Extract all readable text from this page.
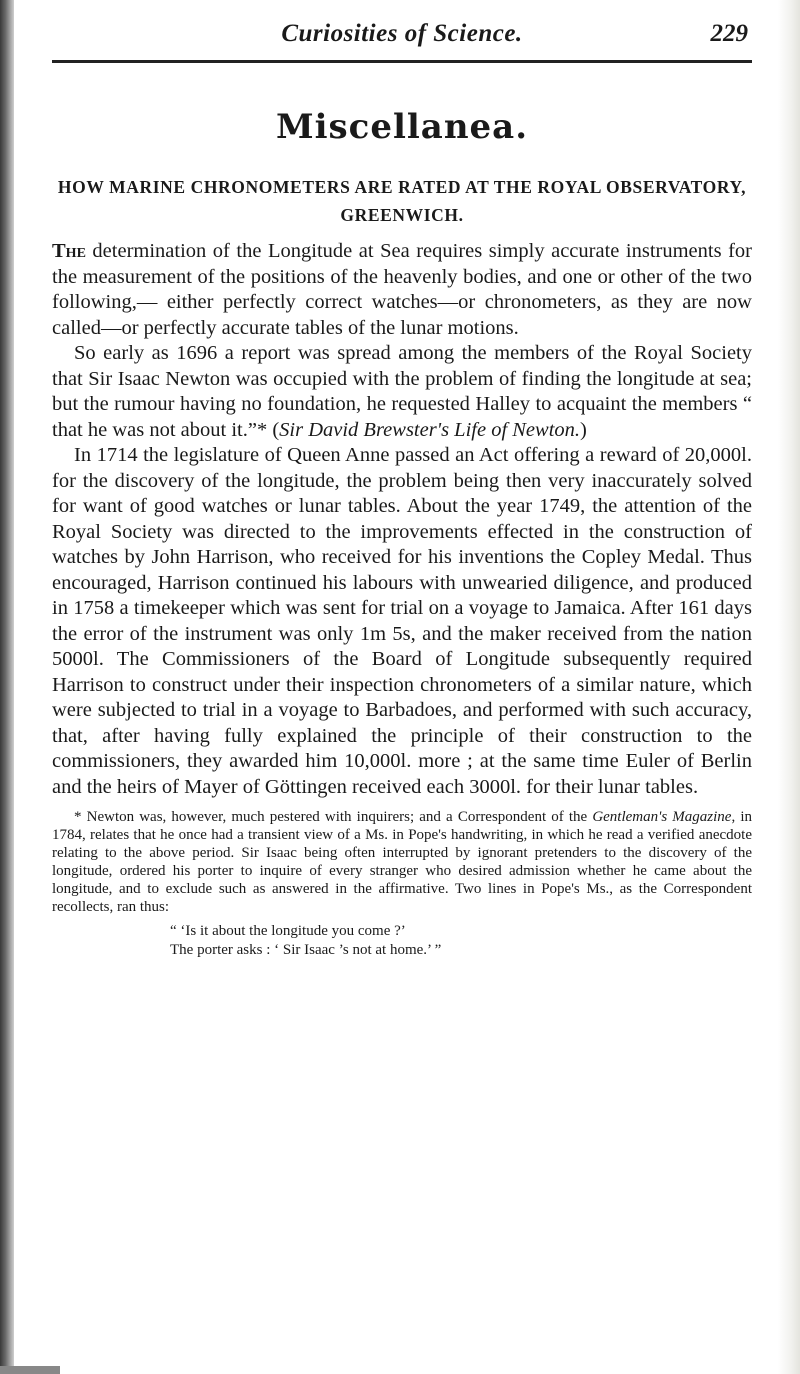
Curiosities of Science.	229
Miscellanea.
HOW MARINE CHRONOMETERS ARE RATED AT THE ROYAL OBSERVATORY, GREENWICH.

The determination of the Longitude at Sea requires simply accurate instruments for the measurement of the positions of the heavenly bodies, and one or other of the two following,— either perfectly correct watches—or chronometers, as they are now called—or perfectly accurate tables of the lunar motions.

So early as 1696 a report was spread among the members of the Royal Society that Sir Isaac Newton was occupied with the problem of finding the longitude at sea; but the rumour having no foundation, he requested Halley to acquaint the members “ that he was not about it.”* (Sir David Brewster's Life of Newton.)

In 1714 the legislature of Queen Anne passed an Act offering a reward of 20,000l. for the discovery of the longitude, the problem being then very inaccurately solved for want of good watches or lunar tables. About the year 1749, the attention of the Royal Society was directed to the improvements effected in the construction of watches by John Harrison, who received for his inventions the Copley Medal. Thus encouraged, Harrison continued his labours with unwearied diligence, and produced in 1758 a timekeeper which was sent for trial on a voyage to Jamaica. After 161 days the error of the instrument was only 1m 5s, and the maker received from the nation 5000l. The Commissioners of the Board of Longitude subsequently required Harrison to construct under their inspection chronometers of a similar nature, which were subjected to trial in a voyage to Barbadoes, and performed with such accuracy, that, after having fully explained the principle of their construction to the commissioners, they awarded him 10,000l. more ; at the same time Euler of Berlin and the heirs of Mayer of Göttingen received each 3000l. for their lunar tables.

* Newton was, however, much pestered with inquirers; and a Correspondent of the Gentleman's Magazine, in 1784, relates that he once had a transient view of a Ms. in Pope's handwriting, in which he read a verified anecdote relating to the above period. Sir Isaac being often interrupted by ignorant pretenders to the discovery of the longitude, ordered his porter to inquire of every stranger who desired admission whether he came about the longitude, and to exclude such as answered in the affirmative. Two lines in Pope's Ms., as the Correspondent recollects, ran thus:

“ ‘Is it about the longitude you come ?’
The porter asks : ‘ Sir Isaac ’s not at home.’ ”
